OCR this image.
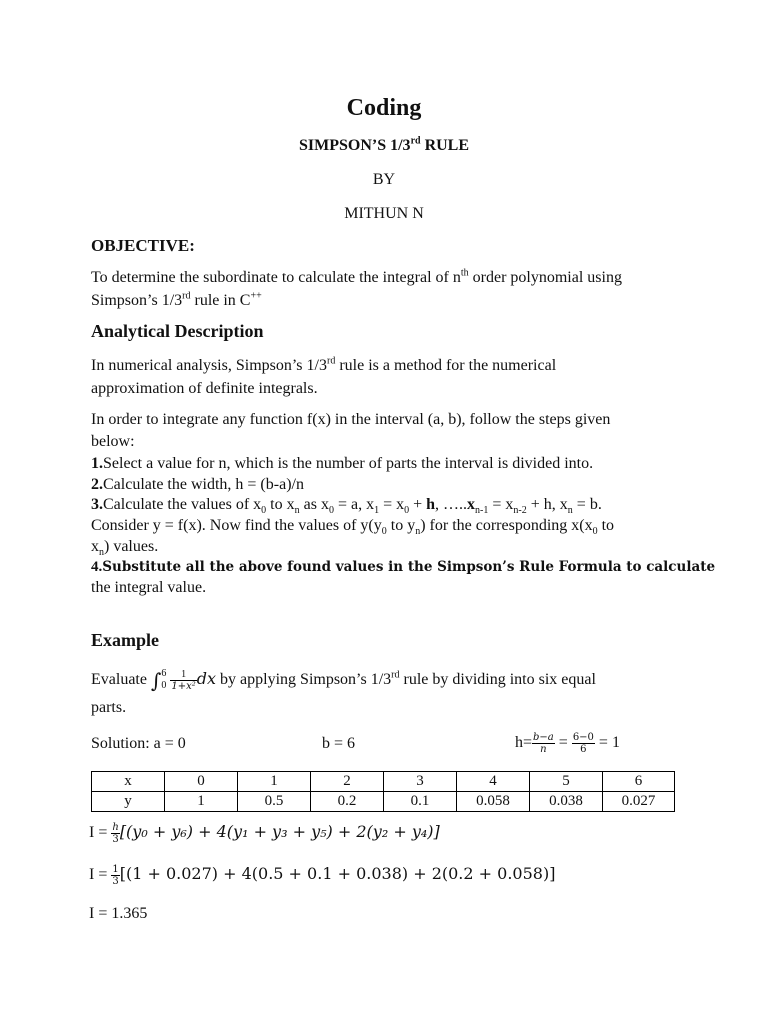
Coding
SIMPSON’S 1/3rd RULE
BY
MITHUN N
OBJECTIVE:
To determine the subordinate to calculate the integral of $n^{th}$ order polynomial using
Simpson’s 1/3rd rule in C++
Analytical Description
In numerical analysis, Simpson’s 1/3rd rule is a method for the numerical
approximation of definite integrals.
In order to integrate any function f(x) in the interval (a, b), follow the steps given
below:
1.Select a value for n, which is the number of parts the interval is divided into.
2.Calculate the width, h = (b-a)/n
3.Calculate the values of $x_0$ to $x_n$ as $x_0 = a$, $x_1 = x_0 + h$, $\dots..x_{n-1} = x_{n-2} + h$, $x_n = b$.
Consider y = f(x). Now find the values of $y(y_0$ to $y_n$) for the corresponding $x(x_0$ to
$x_n$) values.
4.Substitute all the above found values in the Simpson’s Rule Formula to calculate
the integral value.
Example
Evaluate ∫ 6
0
$\frac{1}{\text{1+x²}}$ dx by applying Simpson’s 1/3rd rule by dividing into six equal
parts.
Solution: a = 0	b = 6	$h= \frac{b-a}{n} = \frac{6-0}{6} = 1$
x	0	1	2	3	4	5	6
y	1	0.5	0.2	0.1	0.058	0.038	0.027
$I = \frac{h}{3} [(y_0 + y_6) + 4(y_1 + y_3 + y_5) + 2(y_2 + y_4)]$
$I = \frac{1}{3} [(1 + 0.027) + 4(0.5 + 0.1 + 0.038) + 2(0.2 + 0.058)]$
I = 1.365
